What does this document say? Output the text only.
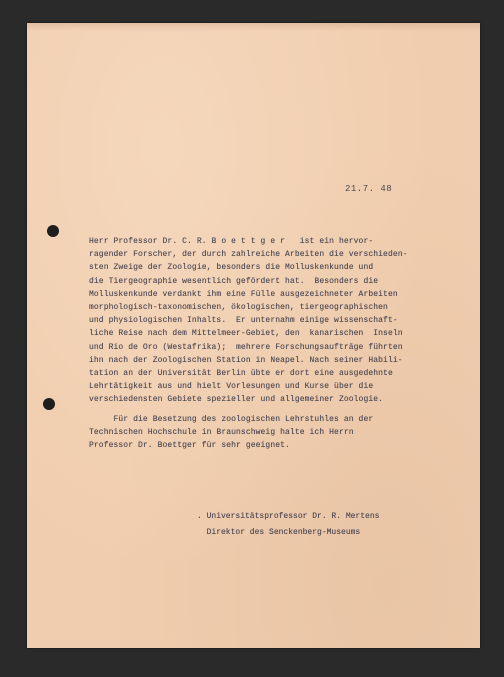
21.7. 48
Herr Professor Dr. C. R. B o e t t g e r   ist ein hervor-
ragender Forscher, der durch zahlreiche Arbeiten die verschieden-
sten Zweige der Zoologie, besonders die Molluskenkunde und
die Tiergeographie wesentlich gefördert hat.  Besonders die
Molluskenkunde verdankt ihm eine Fülle ausgezeichneter Arbeiten
morphologisch-taxonomischen, ökologischen, tiergeographischen
und physiologischen Inhalts.  Er unternahm einige wissenschaft-
liche Reise nach dem Mittelmeer-Gebiet, den  kanarischen  Inseln
und Rio de Oro (Westafrika);  mehrere Forschungsaufträge führten
ihn nach der Zoologischen Station in Neapel. Nach seiner Habili-
tation an der Universität Berlin übte er dort eine ausgedehnte
Lehrtätigkeit aus und hielt Vorlesungen und Kurse über die
verschiedensten Gebiete spezieller und allgemeiner Zoologie.
Für die Besetzung des zoologischen Lehrstuhles an der
Technischen Hochschule in Braunschweig halte ich Herrn
Professor Dr. Boettger für sehr geeignet.
. Universitätsprofessor Dr. R. Mertens
Direktor des Senckenberg-Museums
